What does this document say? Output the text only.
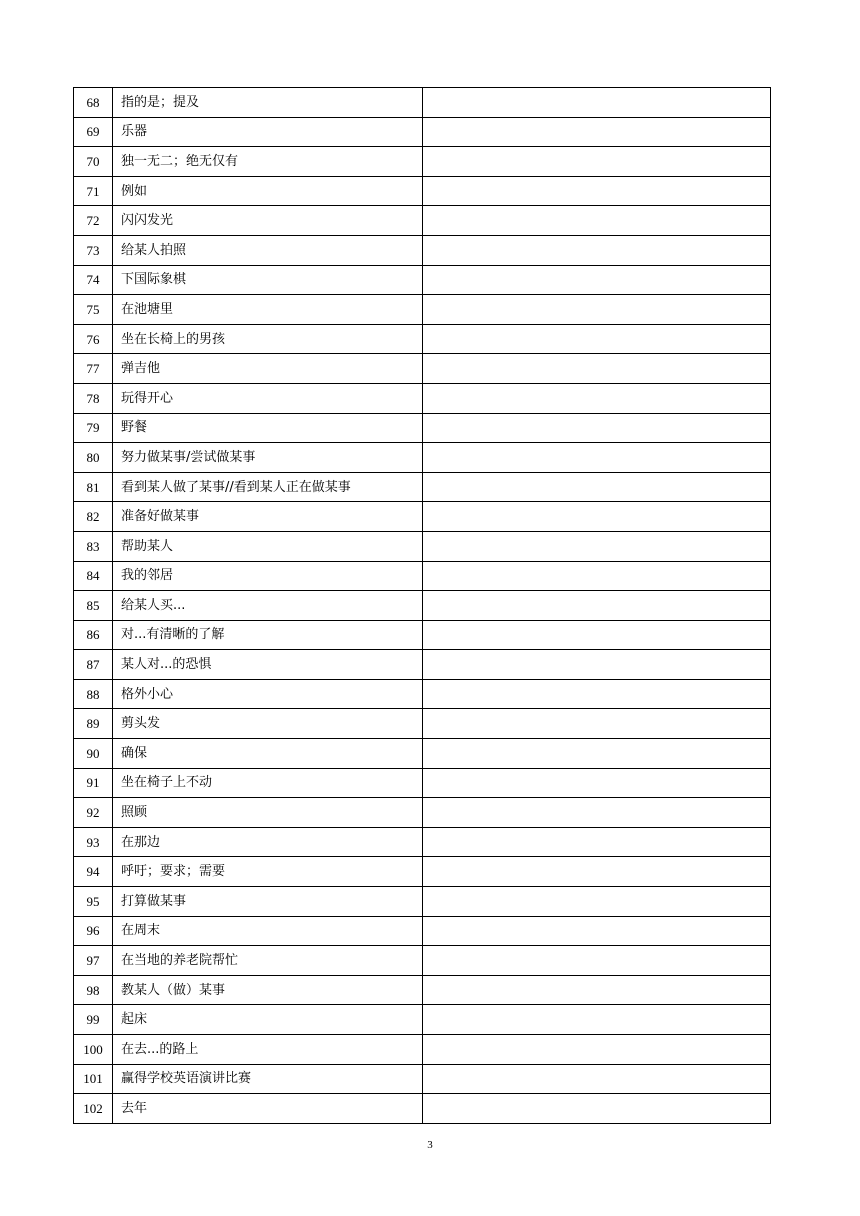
68	指的是；提及	
69	乐器	
70	独一无二；绝无仅有	
71	例如	
72	闪闪发光	
73	给某人拍照	
74	下国际象棋	
75	在池塘里	
76	坐在长椅上的男孩	
77	弹吉他	
78	玩得开心	
79	野餐	
80	努力做某事/尝试做某事	
81	看到某人做了某事//看到某人正在做某事	
82	准备好做某事	
83	帮助某人	
84	我的邻居	
85	给某人买...	
86	对...有清晰的了解	
87	某人对...的恐惧	
88	格外小心	
89	剪头发	
90	确保	
91	坐在椅子上不动	
92	照顾	
93	在那边	
94	呼吁；要求；需要	
95	打算做某事	
96	在周末	
97	在当地的养老院帮忙	
98	教某人（做）某事	
99	起床	
100	在去...的路上	
101	赢得学校英语演讲比赛	
102	去年	
3
